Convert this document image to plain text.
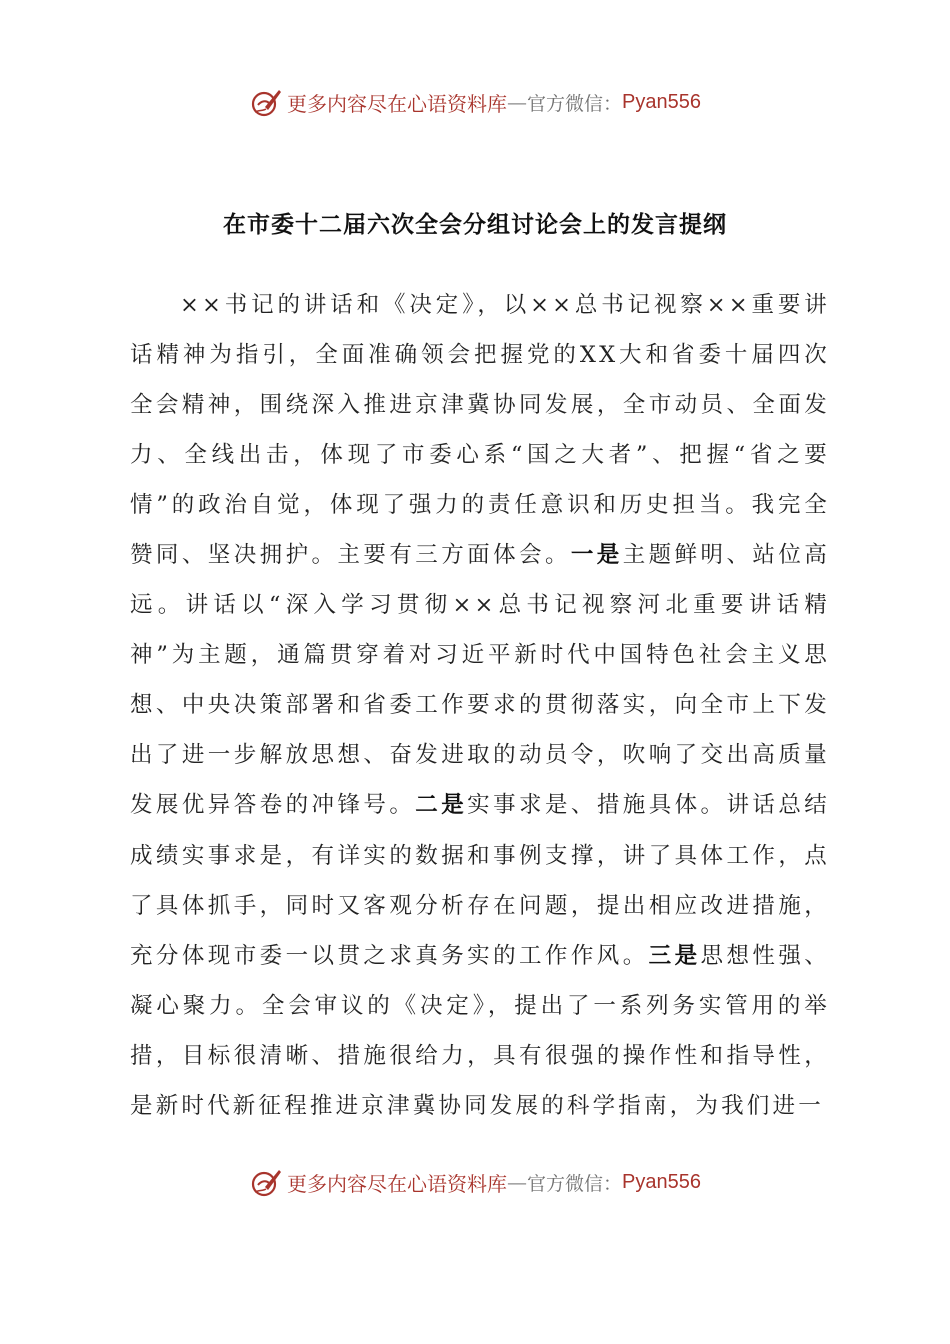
更多内容尽在心语资料库 — 官方微信： Pyan556
在市委十二届六次全会分组讨论会上的发言提纲

××书记的讲话和《决定》，以××总书记视察××重要讲话精神为指引，全面准确领会把握党的XX大和省委十届四次全会精神，围绕深入推进京津冀协同发展，全市动员、全面发力、全线出击，体现了市委心系“国之大者”、把握“省之要情”的政治自觉，体现了强力的责任意识和历史担当。我完全赞同、坚决拥护。主要有三方面体会。一是主题鲜明、站位高远。讲话以“深入学习贯彻××总书记视察河北重要讲话精神”为主题，通篇贯穿着对习近平新时代中国特色社会主义思想、中央决策部署和省委工作要求的贯彻落实，向全市上下发出了进一步解放思想、奋发进取的动员令，吹响了交出高质量发展优异答卷的冲锋号。二是实事求是、措施具体。讲话总结成绩实事求是，有详实的数据和事例支撑，讲了具体工作，点了具体抓手，同时又客观分析存在问题，提出相应改进措施，充分体现市委一以贯之求真务实的工作作风。三是思想性强、凝心聚力。全会审议的《决定》，提出了一系列务实管用的举措，目标很清晰、措施很给力，具有很强的操作性和指导性，是新时代新征程推进京津冀协同发展的科学指南，为我们进一

更多内容尽在心语资料库 — 官方微信： Pyan556
